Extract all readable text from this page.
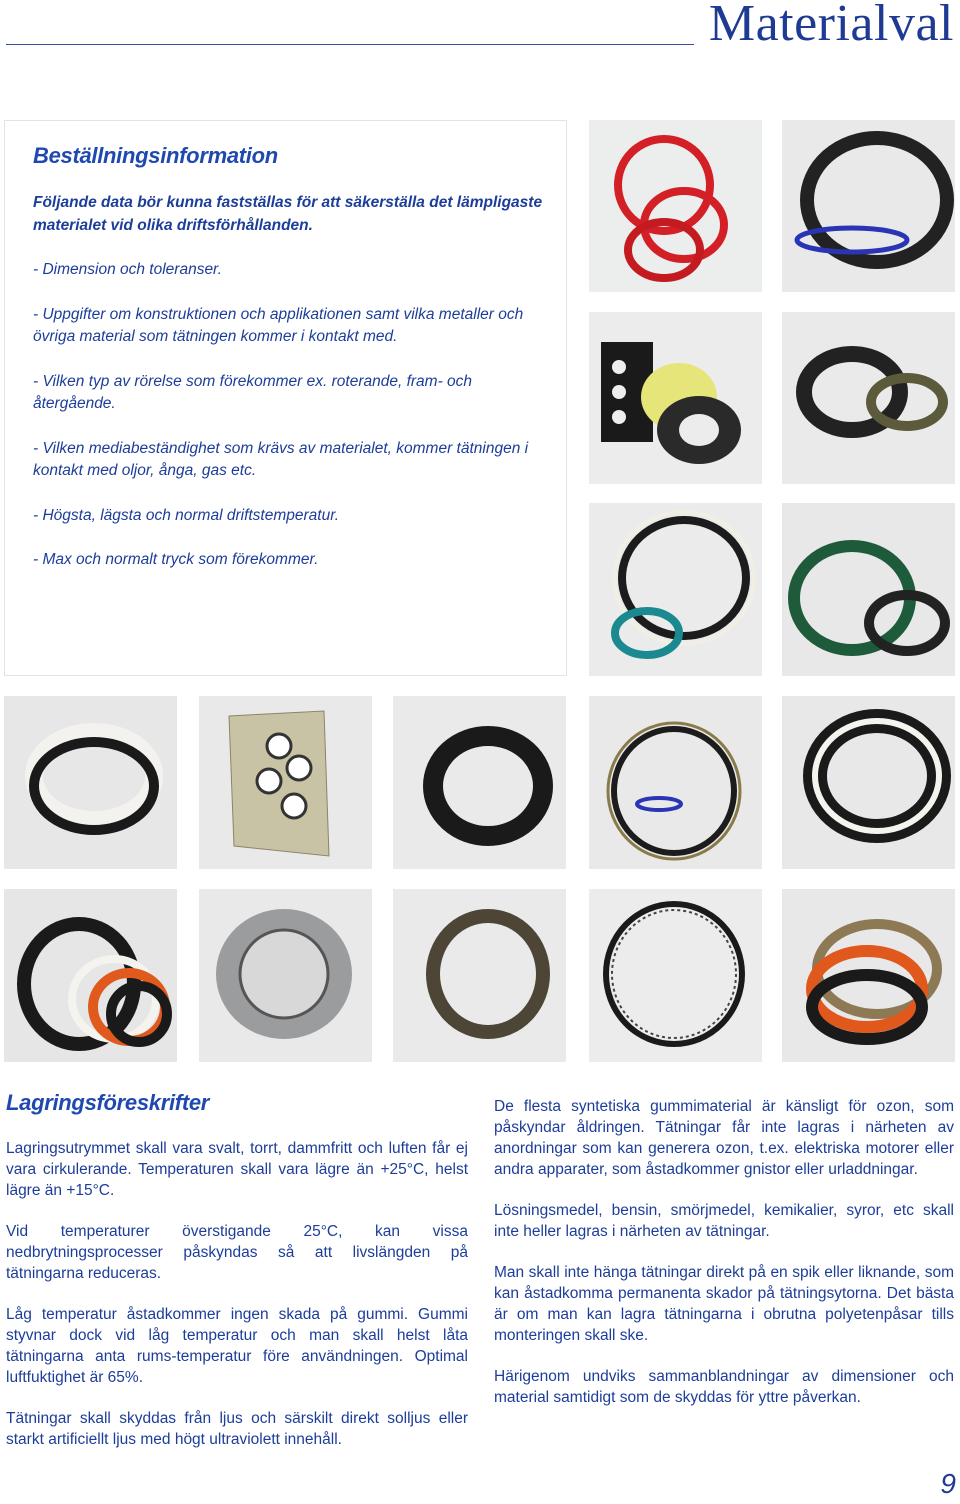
Materialval
Beställningsinformation

Följande data bör kunna fastställas för att säkerställa det lämpligaste materialet vid olika driftsförhållanden.

- Dimension och toleranser.
- Uppgifter om konstruktionen och applikationen samt vilka metaller och övriga material som tätningen kommer i kontakt med.
- Vilken typ av rörelse som förekommer ex. roterande, fram- och återgående.
- Vilken mediabeständighet som krävs av materialet, kommer tätningen i kontakt med oljor, ånga, gas etc.
- Högsta, lägsta och normal driftstemperatur.
- Max och normalt tryck som förekommer.
Lagringsföreskrifter

Lagringsutrymmet skall vara svalt, torrt, dammfritt och luften får ej vara cirkulerande. Temperaturen skall vara lägre än +25°C, helst lägre än +15°C.

Vid temperaturer överstigande 25°C, kan vissa nedbrytningsprocesser påskyndas så att livslängden på tätningarna reduceras.

Låg temperatur åstadkommer ingen skada på gummi. Gummi styvnar dock vid låg temperatur och man skall helst låta tätningarna anta rums-temperatur före användningen. Optimal luftfuktighet är 65%.

Tätningar skall skyddas från ljus och särskilt direkt solljus eller starkt artificiellt ljus med högt ultraviolett innehåll.

De flesta syntetiska gummimaterial är känsligt för ozon, som påskyndar åldringen. Tätningar får inte lagras i närheten av anordningar som kan generera ozon, t.ex. elektriska motorer eller andra apparater, som åstadkommer gnistor eller urladdningar.

Lösningsmedel, bensin, smörjmedel, kemikalier, syror, etc skall inte heller lagras i närheten av tätningar.

Man skall inte hänga tätningar direkt på en spik eller liknande, som kan åstadkomma permanenta skador på tätningsytorna. Det bästa är om man kan lagra tätningarna i obrutna polyetenpåsar tills monteringen skall ske.

Härigenom undviks sammanblandningar av dimensioner och material samtidigt som de skyddas för yttre påverkan.

9
